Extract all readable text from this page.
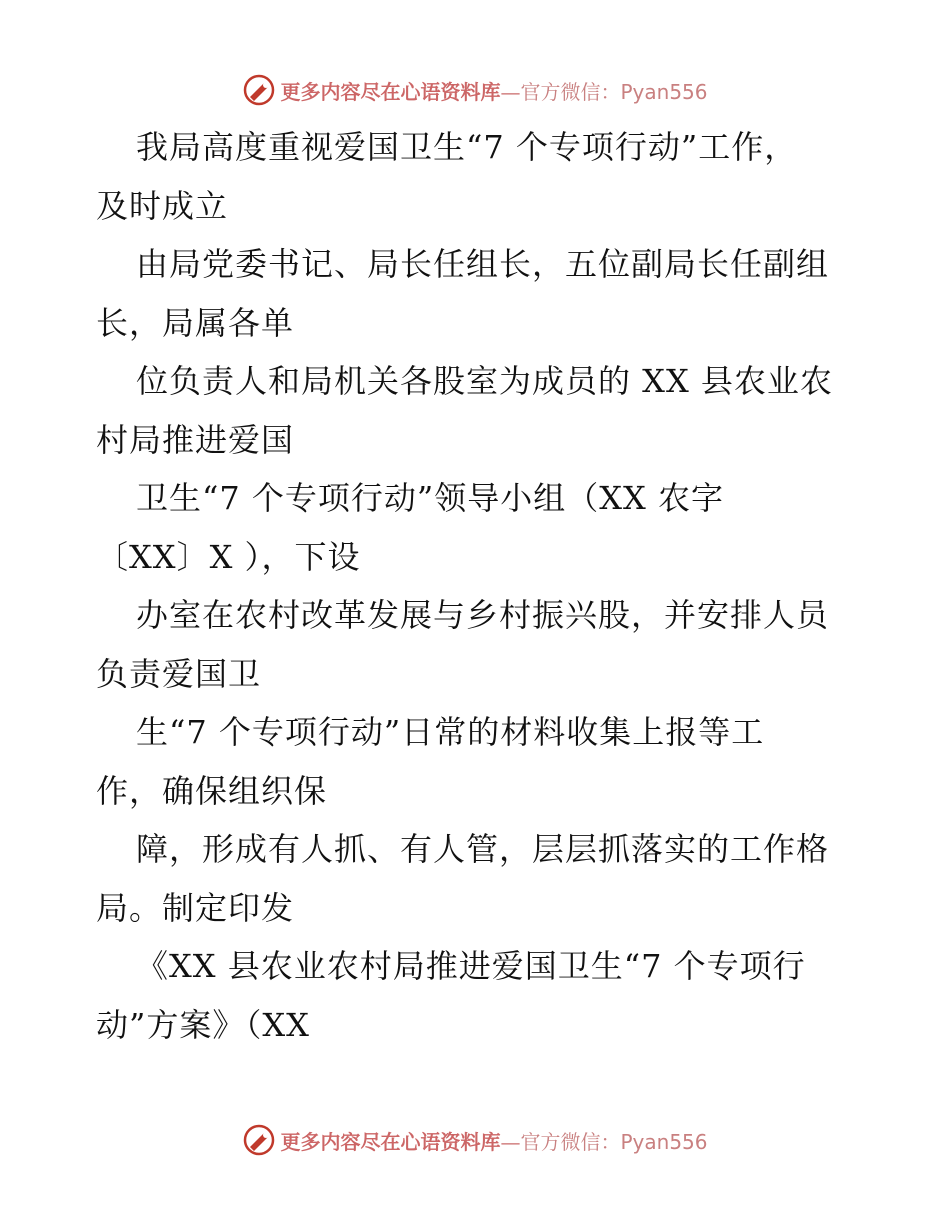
更多内容尽在心语资料库—官方微信：Pyan556
我局高度重视爱国卫生“7 个专项行动”工作，
及时成立
由局党委书记、局长任组长，五位副局长任副组
长，局属各单
位负责人和局机关各股室为成员的 XX 县农业农
村局推进爱国
卫生“7 个专项行动”领导小组（XX 农字
〔XX〕X ），下设
办室在农村改革发展与乡村振兴股，并安排人员
负责爱国卫
生“7 个专项行动”日常的材料收集上报等工
作，确保组织保
障，形成有人抓、有人管，层层抓落实的工作格
局。制定印发
《XX 县农业农村局推进爱国卫生“7 个专项行
动”方案》（XX
更多内容尽在心语资料库—官方微信：Pyan556
